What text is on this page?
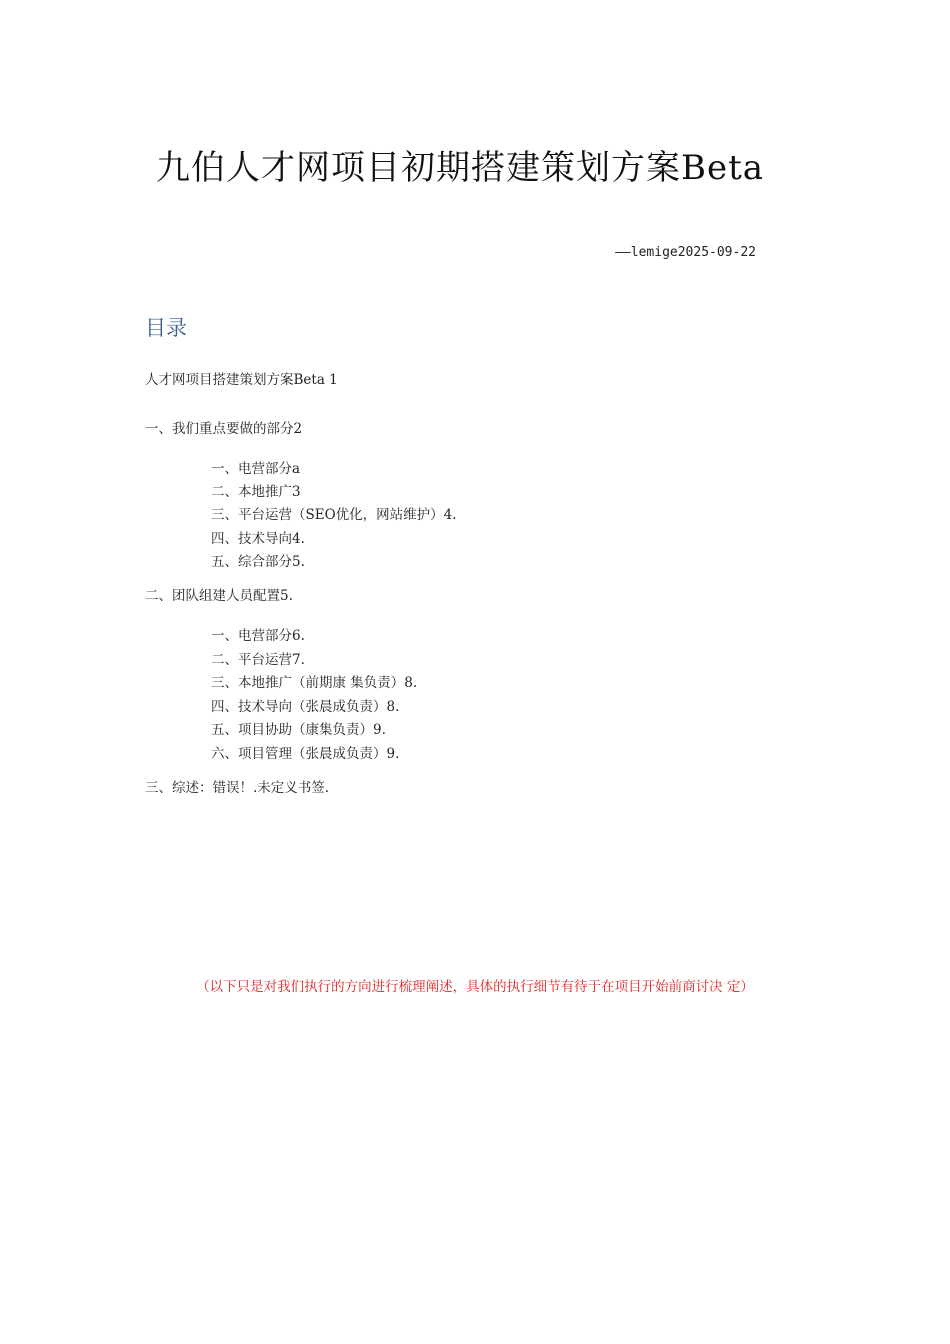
九伯人才网项目初期搭建策划方案Beta
——lemige2025-09-22
目录
人才网项目搭建策划方案Beta 1
一、我们重点要做的部分2
一、电营部分a
二、本地推广3
三、平台运营（SEO优化，网站维护）4.
四、技术导向4.
五、综合部分5.
二、团队组建人员配置5.
一、电营部分6.
二、平台运营7.
三、本地推广（前期康 集负责）8.
四、技术导向（张晨成负责）8.
五、项目协助（康集负责）9.
六、项目管理（张晨成负责）9.
三、综述：错误！.未定义书签.
（以下只是对我们执行的方向进行梳理阐述，具体的执行细节有待于在项目开始前商讨决 定）
